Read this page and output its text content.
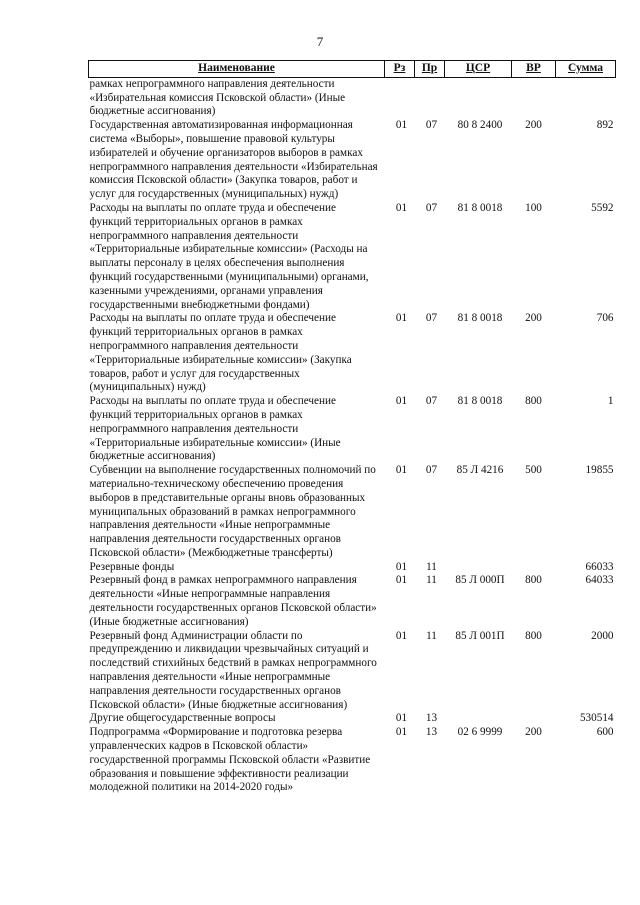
7
Наименование	Рз	Пр	ЦСР	ВР	Сумма
рамках непрограммного направления деятельности «Избирательная комиссия Псковской области» (Иные бюджетные ассигнования)					
Государственная автоматизированная информационная система «Выборы», повышение правовой культуры избирателей и обучение организаторов выборов в рамках непрограммного направления деятельности «Избирательная комиссия Псковской области» (Закупка товаров, работ и услуг для государственных (муниципальных) нужд)	01	07	80 8 2400	200	892
Расходы на выплаты по оплате труда и обеспечение функций территориальных органов в рамках непрограммного направления деятельности «Территориальные избирательные комиссии» (Расходы на выплаты персоналу в целях обеспечения выполнения функций государственными (муниципальными) органами, казенными учреждениями, органами управления государственными внебюджетными фондами)	01	07	81 8 0018	100	5592
Расходы на выплаты по оплате труда и обеспечение функций территориальных органов в рамках непрограммного направления деятельности «Территориальные избирательные комиссии» (Закупка товаров, работ и услуг для государственных (муниципальных) нужд)	01	07	81 8 0018	200	706
Расходы на выплаты по оплате труда и обеспечение функций территориальных органов в рамках непрограммного направления деятельности «Территориальные избирательные комиссии» (Иные бюджетные ассигнования)	01	07	81 8 0018	800	1
Субвенции на выполнение государственных полномочий по материально-техническому обеспечению проведения выборов в представительные органы вновь образованных муниципальных образований в рамках непрограммного направления деятельности «Иные непрограммные направления деятельности государственных органов Псковской области» (Межбюджетные трансферты)	01	07	85 Л 4216	500	19855
Резервные фонды	01	11			66033
Резервный фонд в рамках непрограммного направления деятельности «Иные непрограммные направления деятельности государственных органов Псковской области» (Иные бюджетные ассигнования)	01	11	85 Л 000П	800	64033
Резервный фонд Администрации области по предупреждению и ликвидации чрезвычайных ситуаций и последствий стихийных бедствий в рамках непрограммного направления деятельности «Иные непрограммные направления деятельности государственных органов Псковской области» (Иные бюджетные ассигнования)	01	11	85 Л 001П	800	2000
Другие общегосударственные вопросы	01	13			530514
Подпрограмма «Формирование и подготовка резерва управленческих кадров в Псковской области» государственной программы Псковской области «Развитие образования и повышение эффективности реализации молодежной политики на 2014-2020 годы»	01	13	02 6 9999	200	600
